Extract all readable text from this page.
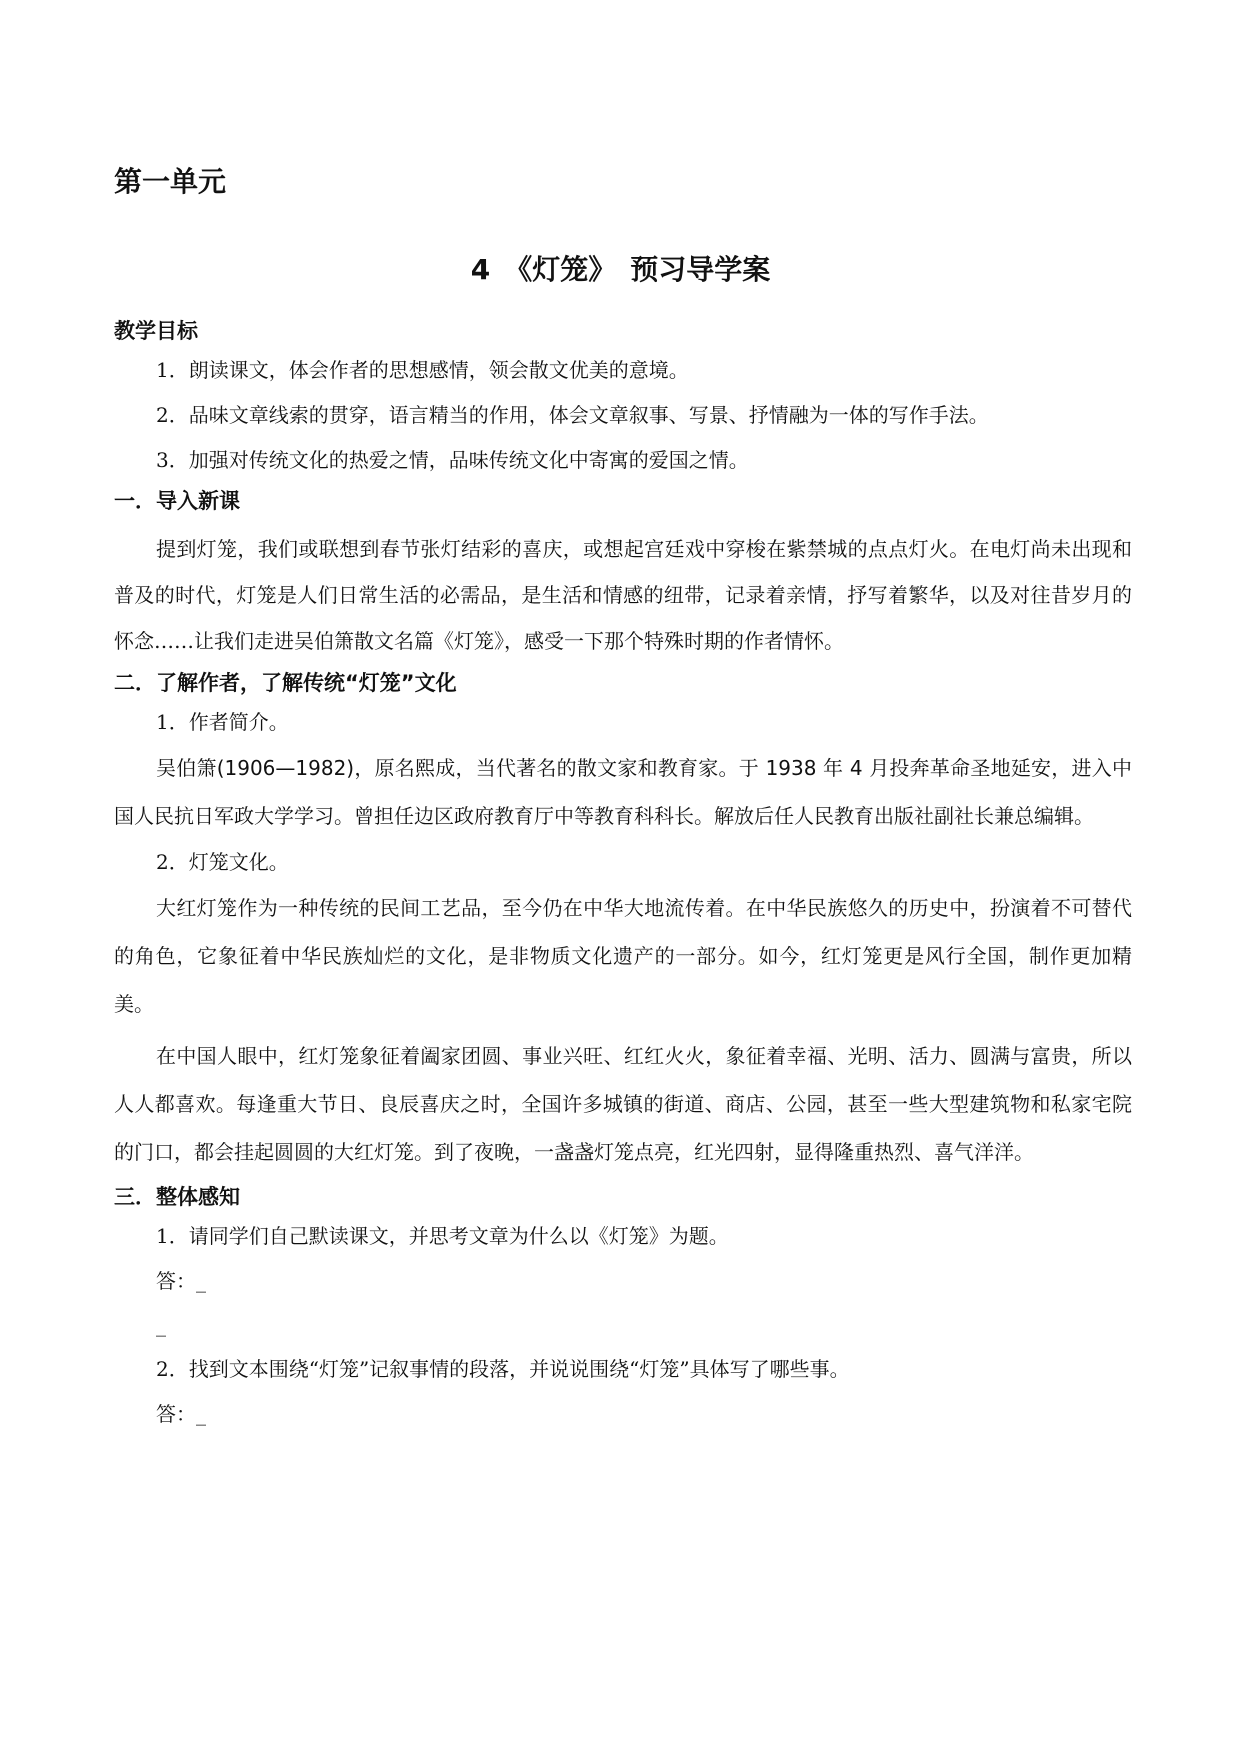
第一单元
4　《灯笼》　预习导学案
教学目标
1．朗读课文，体会作者的思想感情，领会散文优美的意境。
2．品味文章线索的贯穿，语言精当的作用，体会文章叙事、写景、抒情融为一体的写作手法。
3．加强对传统文化的热爱之情，品味传统文化中寄寓的爱国之情。
一．导入新课
提到灯笼，我们或联想到春节张灯结彩的喜庆，或想起宫廷戏中穿梭在紫禁城的点点灯火。在电灯尚未出现和普及的时代，灯笼是人们日常生活的必需品，是生活和情感的纽带，记录着亲情，抒写着繁华，以及对往昔岁月的怀念……让我们走进吴伯箫散文名篇《灯笼》，感受一下那个特殊时期的作者情怀。
二．了解作者，了解传统“灯笼”文化
1．作者简介。
吴伯箫(1906—1982)，原名熙成，当代著名的散文家和教育家。于 1938 年 4 月投奔革命圣地延安，进入中国人民抗日军政大学学习。曾担任边区政府教育厅中等教育科科长。解放后任人民教育出版社副社长兼总编辑。
2．灯笼文化。
大红灯笼作为一种传统的民间工艺品，至今仍在中华大地流传着。在中华民族悠久的历史中，扮演着不可替代的角色，它象征着中华民族灿烂的文化，是非物质文化遗产的一部分。如今，红灯笼更是风行全国，制作更加精美。
在中国人眼中，红灯笼象征着阖家团圆、事业兴旺、红红火火，象征着幸福、光明、活力、圆满与富贵，所以人人都喜欢。每逢重大节日、良辰喜庆之时，全国许多城镇的街道、商店、公园，甚至一些大型建筑物和私家宅院的门口，都会挂起圆圆的大红灯笼。到了夜晚，一盏盏灯笼点亮，红光四射，显得隆重热烈、喜气洋洋。
三．整体感知
1．请同学们自己默读课文，并思考文章为什么以《灯笼》为题。
答：_
_
2．找到文本围绕“灯笼”记叙事情的段落，并说说围绕“灯笼”具体写了哪些事。
答：_
